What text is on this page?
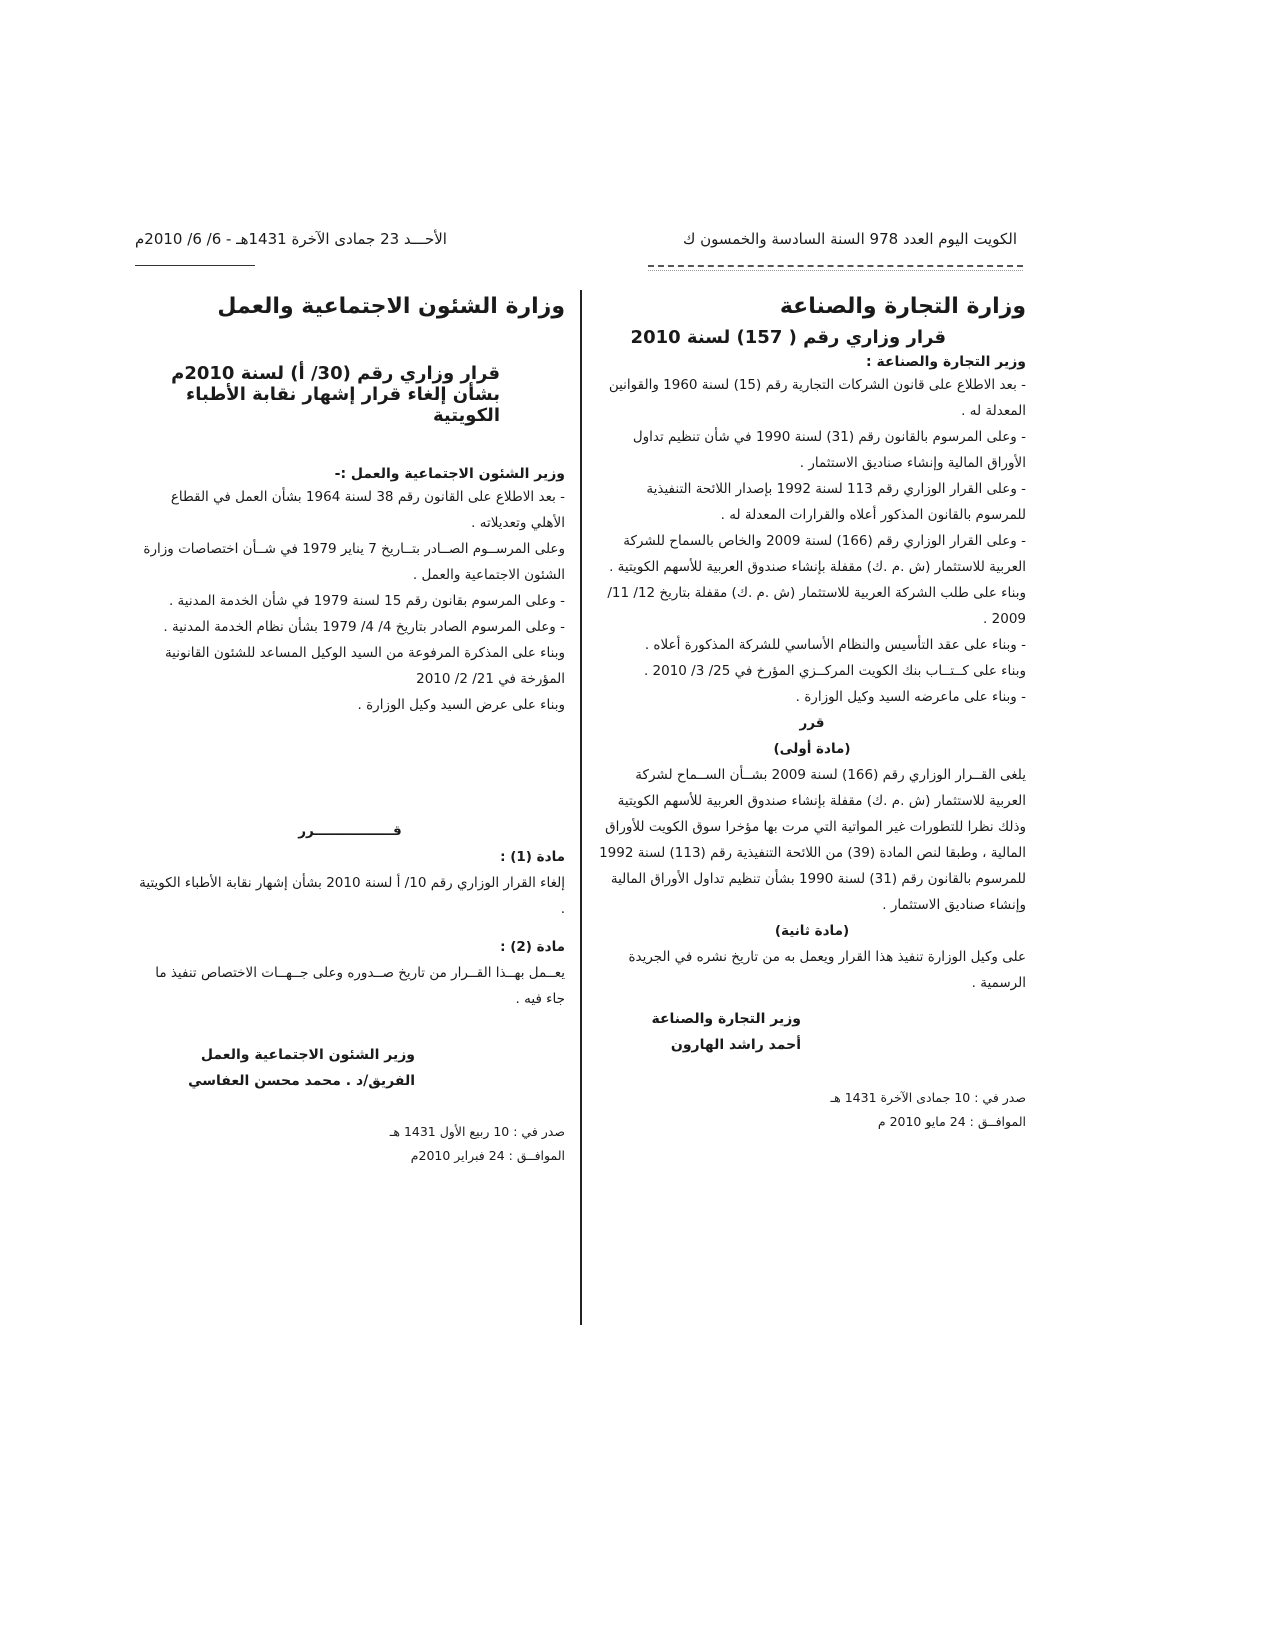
الكويت اليوم العدد 978 السنة السادسة والخمسون ك
الأحـــد 23 جمادى الآخرة 1431هـ - 6/ 6/ 2010م
وزارة التجارة والصناعة
قرار وزاري رقم ( 157) لسنة 2010
وزير التجارة والصناعة :

- بعد الاطلاع على قانون الشركات التجارية رقم (15) لسنة 1960 والقوانين المعدلة له .

- وعلى المرسوم بالقانون رقم (31) لسنة 1990 في شأن تنظيم تداول الأوراق المالية وإنشاء صناديق الاستثمار .

- وعلى القرار الوزاري رقم 113 لسنة 1992 بإصدار اللائحة التنفيذية للمرسوم بالقانون المذكور أعلاه والقرارات المعدلة له .

- وعلى القرار الوزاري رقم (166) لسنة 2009 والخاص بالسماح للشركة العربية للاستثمار (ش .م .ك) مقفلة بإنشاء صندوق العربية للأسهم الكويتية .

وبناء على طلب الشركة العربية للاستثمار (ش .م .ك) مقفلة بتاريخ 12/ 11/ 2009 .

- وبناء على عقد التأسيس والنظام الأساسي للشركة المذكورة أعلاه .

وبناء على كــتــاب بنك الكويت المركــزي المؤرخ في 25/ 3/ 2010 .

- وبناء على ماعرضه السيد وكيل الوزارة .

قرر

(مادة أولى)

يلغى القــرار الوزاري رقم (166) لسنة 2009 بشــأن الســماح لشركة العربية للاستثمار (ش .م .ك) مقفلة بإنشاء صندوق العربية للأسهم الكويتية وذلك نظرا للتطورات غير المواتية التي مرت بها مؤخرا سوق الكويت للأوراق المالية ، وطبقا لنص المادة (39) من اللائحة التنفيذية رقم (113) لسنة 1992 للمرسوم بالقانون رقم (31) لسنة 1990 بشأن تنظيم تداول الأوراق المالية وإنشاء صناديق الاستثمار .

(مادة ثانية)

على وكيل الوزارة تنفيذ هذا القرار ويعمل به من تاريخ نشره في الجريدة الرسمية .

وزير التجارة والصناعة

أحمد راشد الهارون

صدر في : 10 جمادى الآخرة 1431 هـ

الموافــق : 24 مايو 2010 م

وزارة الشئون الاجتماعية والعمل
قرار وزاري رقم (30/ أ) لسنة 2010م
بشأن إلغاء قرار إشهار نقابة الأطباء الكويتية
وزير الشئون الاجتماعية والعمل :-

- بعد الاطلاع على القانون رقم 38 لسنة 1964 بشأن العمل في القطاع الأهلي وتعديلاته .

وعلى المرســوم الصــادر بتــاريخ 7 يناير 1979 في شــأن اختصاصات وزارة الشئون الاجتماعية والعمل .

- وعلى المرسوم بقانون رقم 15 لسنة 1979 في شأن الخدمة المدنية .

- وعلى المرسوم الصادر بتاريخ 4/ 4/ 1979 بشأن نظام الخدمة المدنية .

وبناء على المذكرة المرفوعة من السيد الوكيل المساعد للشئون القانونية المؤرخة في 21/ 2/ 2010

وبناء على عرض السيد وكيل الوزارة .

قـــــــــــــــــرر

مادة (1) :

إلغاء القرار الوزاري رقم 10/ أ لسنة 2010 بشأن إشهار نقابة الأطباء الكويتية .

مادة (2) :

يعــمل بهــذا القــرار من تاريخ صــدوره وعلى جــهــات الاختصاص تنفيذ ما جاء فيه .

وزير الشئون الاجتماعية والعمل

الفريق/د . محمد محسن العفاسي

صدر في : 10 ربيع الأول 1431 هـ

الموافــق : 24 فبراير 2010م
